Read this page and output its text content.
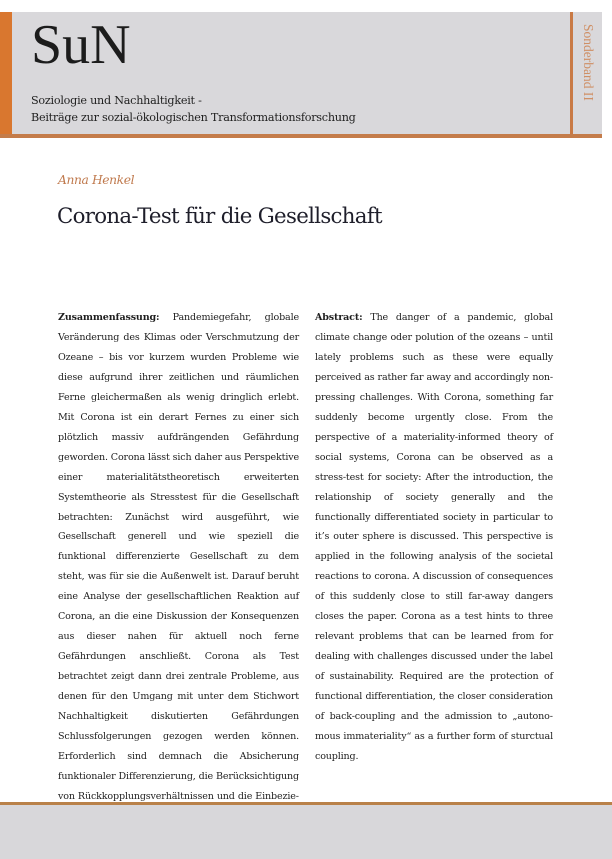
SuN
Soziologie und Nachhaltigkeit -
Beiträge zur sozial-ökologischen Transformationsforschung
Sonderband II
Anna Henkel
Corona-Test für die Gesellschaft
Zusammenfassung: Pandemiegefahr, globale Veränderung des Klimas oder Verschmutzung der Ozeane – bis vor kurzem wurden Probleme wie diese aufgrund ihrer zeitlichen und räumlichen Ferne gleichermaßen als wenig dringlich erlebt. Mit Corona ist ein derart Fernes zu einer sich plötzlich massiv aufdrängenden Gefährdung geworden. Corona lässt sich daher aus Perspektive einer materialitätstheoretisch erweiterten Systemtheorie als Stresstest für die Gesellschaft betrachten: Zunächst wird ausgeführt, wie Gesellschaft generell und wie speziell die funktional differenzierte Gesellschaft zu dem steht, was für sie die Außenwelt ist. Darauf beruht eine Analyse der gesellschaftlichen Reaktion auf Corona, an die eine Diskussion der Konsequenzen aus dieser nahen für aktuell noch ferne Gefährdungen anschließt. Corona als Test betrachtet zeigt dann drei zentrale Probleme, aus denen für den Umgang mit unter dem Stichwort Nachhaltigkeit diskutierten Gefährdungen Schlussfolgerungen gezogen werden können. Erforderlich sind demnach die Absicherung funktionaler Differenzierung, die Berücksichtigung von Rückkopplungsverhältnissen und die Einbezie
Abstract: The danger of a pandemic, global climate change oder polution of the ozeans – until lately problems such as these were equally perceived as rather far away and accordingly non-pressing challenges. With Corona, something far suddenly become urgently close. From the perspective of a materiality-informed theory of social systems, Corona can be observed as a stress-test for society: After the introduction, the relationship of society generally and the functionally differentiated society in particular to it’s outer sphere is discussed. This perspective is applied in the following analysis of the societal reactions to corona. A discussion of consequences of this suddenly close to still far-away dangers closes the paper. Corona as a test hints to three relevant problems that can be learned from for dealing with challenges discussed under the label of sustainability. Required are the protection of functional differentiation, the closer consideration of back-coupling and the admission to „autonomous immateriality“ as a further form of sturctual coupling.
